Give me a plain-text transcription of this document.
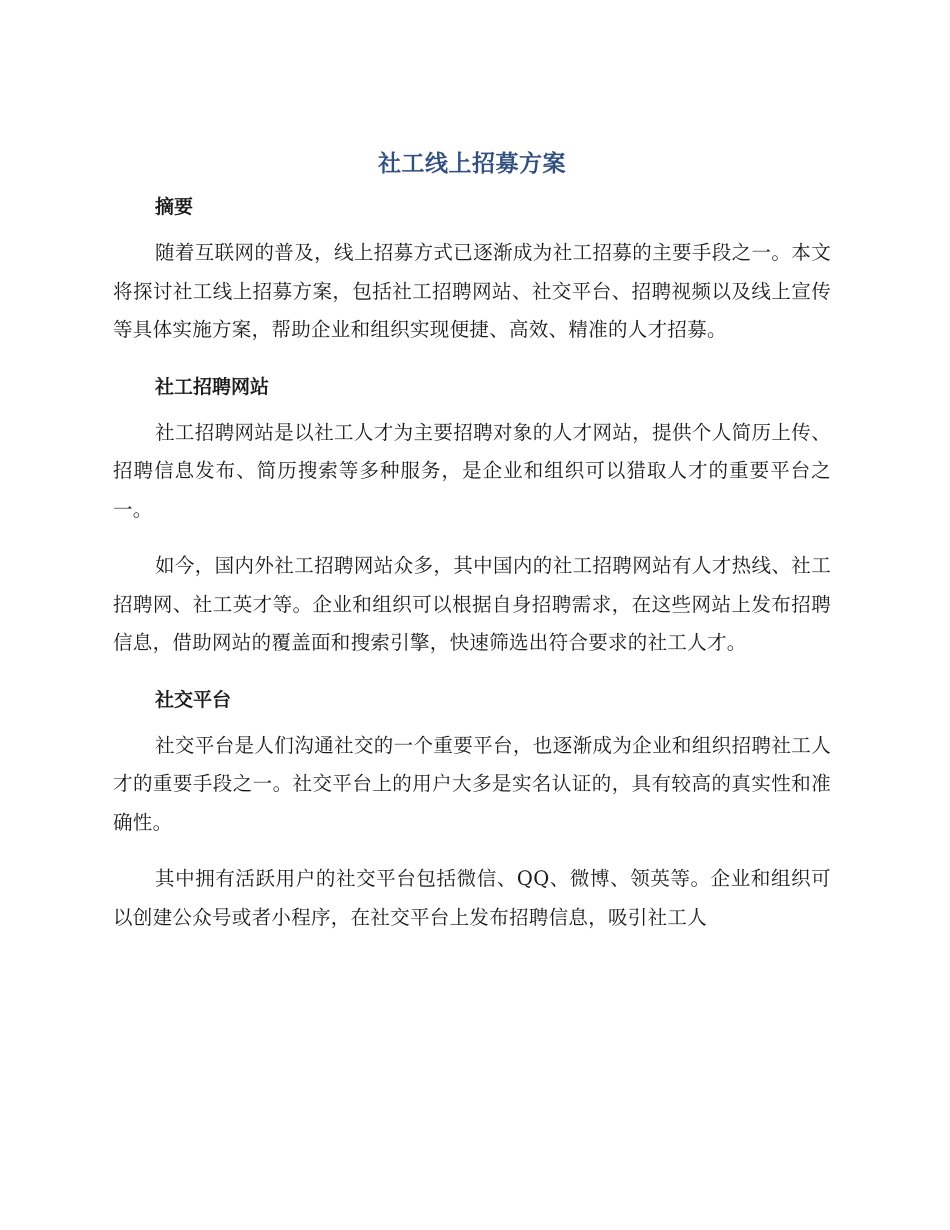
社工线上招募方案
摘要

随着互联网的普及，线上招募方式已逐渐成为社工招募的主要手段之一。本文将探讨社工线上招募方案，包括社工招聘网站、社交平台、招聘视频以及线上宣传等具体实施方案，帮助企业和组织实现便捷、高效、精准的人才招募。

社工招聘网站

社工招聘网站是以社工人才为主要招聘对象的人才网站，提供个人简历上传、招聘信息发布、简历搜索等多种服务，是企业和组织可以猎取人才的重要平台之一。

如今，国内外社工招聘网站众多，其中国内的社工招聘网站有人才热线、社工招聘网、社工英才等。企业和组织可以根据自身招聘需求，在这些网站上发布招聘信息，借助网站的覆盖面和搜索引擎，快速筛选出符合要求的社工人才。

社交平台

社交平台是人们沟通社交的一个重要平台，也逐渐成为企业和组织招聘社工人才的重要手段之一。社交平台上的用户大多是实名认证的，具有较高的真实性和准确性。

其中拥有活跃用户的社交平台包括微信、QQ、微博、领英等。企业和组织可以创建公众号或者小程序，在社交平台上发布招聘信息，吸引社工人
